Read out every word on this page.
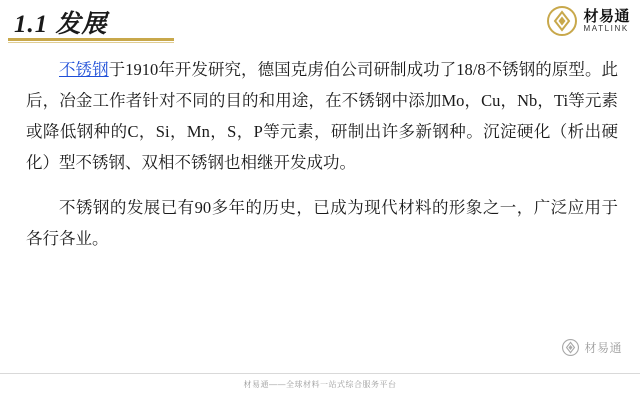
1.1 发展	材易通
MATLINK

不锈钢于1910年开发研究，德国克虏伯公司研制成功了18/8不锈钢的原型。此后，冶金工作者针对不同的目的和用途，在不锈钢中添加Mo，Cu，Nb，Ti等元素或降低钢种的C，Si，Mn，S，P等元素，研制出许多新钢种。沉淀硬化（析出硬化）型不锈钢、双相不锈钢也相继开发成功。

不锈钢的发展已有90多年的历史，已成为现代材料的形象之一，广泛应用于各行各业。

材易通
材易通——全球材料一站式综合服务平台
